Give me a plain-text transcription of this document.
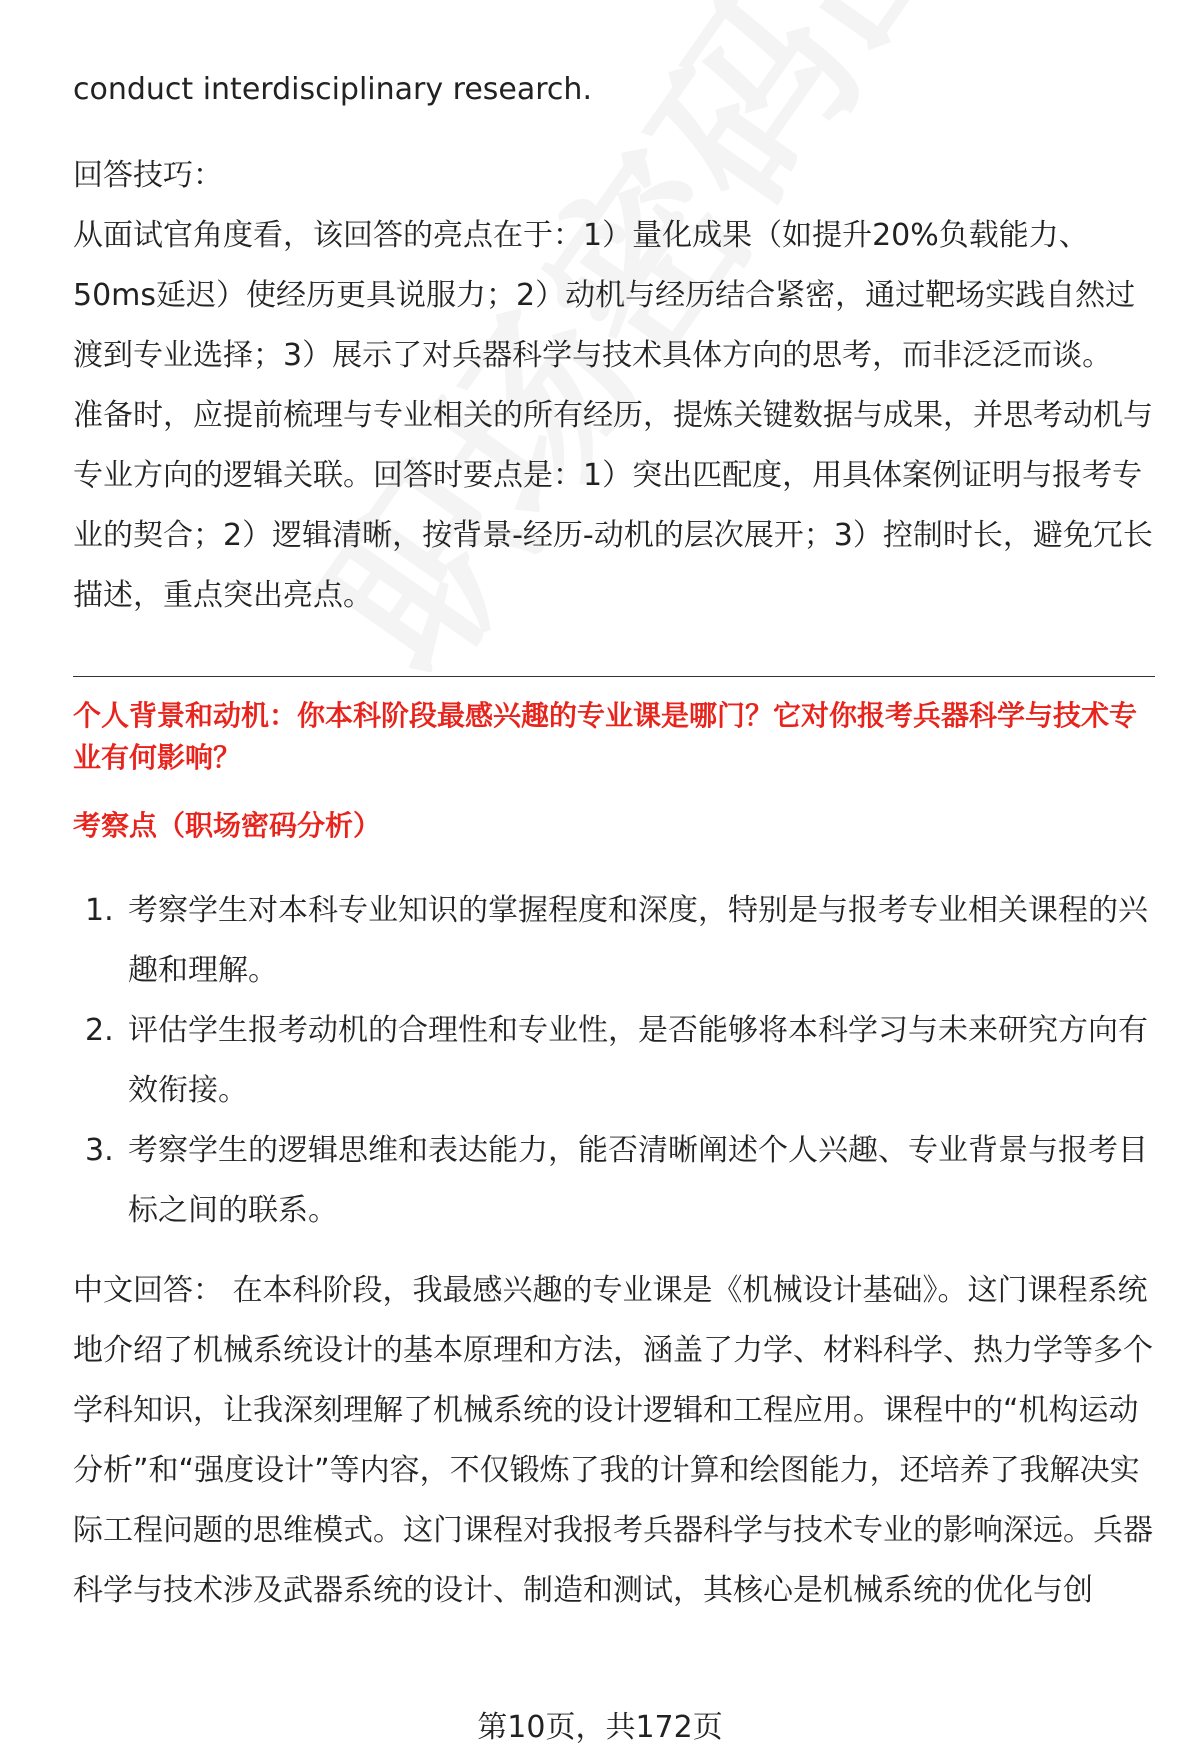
conduct interdisciplinary research.

回答技巧：

从面试官角度看，该回答的亮点在于：1）量化成果（如提升20%负载能力、50ms延迟）使经历更具说服力；2）动机与经历结合紧密，通过靶场实践自然过渡到专业选择；3）展示了对兵器科学与技术具体方向的思考，而非泛泛而谈。

准备时，应提前梳理与专业相关的所有经历，提炼关键数据与成果，并思考动机与专业方向的逻辑关联。回答时要点是：1）突出匹配度，用具体案例证明与报考专业的契合；2）逻辑清晰，按背景-经历-动机的层次展开；3）控制时长，避免冗长描述，重点突出亮点。

个人背景和动机：你本科阶段最感兴趣的专业课是哪门？它对你报考兵器科学与技术专业有何影响？

考察点（职场密码分析）

1. 考察学生对本科专业知识的掌握程度和深度，特别是与报考专业相关课程的兴趣和理解。
2. 评估学生报考动机的合理性和专业性，是否能够将本科学习与未来研究方向有效衔接。
3. 考察学生的逻辑思维和表达能力，能否清晰阐述个人兴趣、专业背景与报考目标之间的联系。

中文回答： 在本科阶段，我最感兴趣的专业课是《机械设计基础》。这门课程系统地介绍了机械系统设计的基本原理和方法，涵盖了力学、材料科学、热力学等多个学科知识，让我深刻理解了机械系统的设计逻辑和工程应用。课程中的“机构运动分析”和“强度设计”等内容，不仅锻炼了我的计算和绘图能力，还培养了我解决实际工程问题的思维模式。这门课程对我报考兵器科学与技术专业的影响深远。兵器科学与技术涉及武器系统的设计、制造和测试，其核心是机械系统的优化与创

第10页，共172页
